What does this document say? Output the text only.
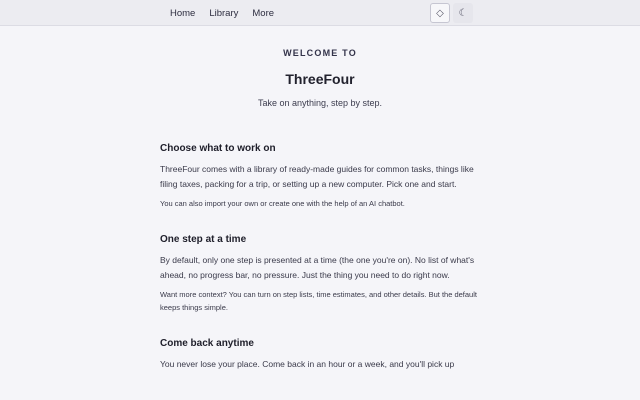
Home Library More	◇ ☾

WELCOME TO

ThreeFour

Take on anything, step by step.

Choose what to work on

ThreeFour comes with a library of ready-made guides for common tasks, things like filing taxes, packing for a trip, or setting up a new computer. Pick one and start.

You can also import your own or create one with the help of an AI chatbot.

One step at a time

By default, only one step is presented at a time (the one you're on). No list of what's ahead, no progress bar, no pressure. Just the thing you need to do right now.

Want more context? You can turn on step lists, time estimates, and other details. But the default keeps things simple.

Come back anytime

You never lose your place. Come back in an hour or a week, and you'll pick up
